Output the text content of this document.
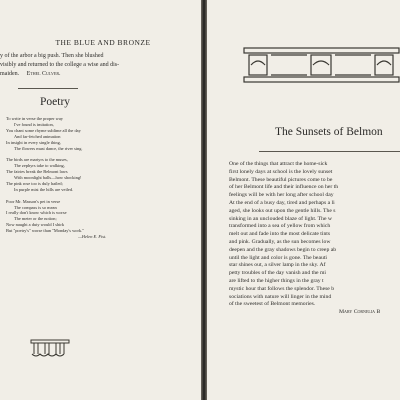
THE BLUE AND BRONZE

y of the arbor a big push. Then she blushed

visibly and returned to the college a wise and dis-

maiden. Ethel Culver.

Poetry
To write in verse the proper way
I've found is imitation,
You chant some rhyme sublime all the day
And far-fetched animation
In insight in every single thing,
The flowers must dance, the river sing.
The birds are martyrs to the muses,
The zephyrs take to walking,
The fairies break the Belmont laws
With moonlight balls—how shocking!
The pink rose too is duly hailed;
In purple mist the hills are veiled.
Poor Mr. Masson's pet in verse
The compass is so mean
I really don't know which is worse
The meter or the notion;
Now naught a duty would I shirk
But "poetry's" worse than "Monday's work."
—Helen E. Fist.
The Sunsets of Belmon

One of the things that attract the home-sick

first lonely days at school is the lovely sunset

Belmont. These beautiful pictures come to be

of her Belmont life and their influence on her th

feelings will be with her long after school day

At the end of a busy day, tired and perhaps a li

aged, she looks out upon the gentle hills. The s

sinking in an unclouded blaze of light. The w

transformed into a sea of yellow from which

melt out and fade into the most delicate tints

and pink. Gradually, as the sun becomes low

deepen and the gray shadows begin to creep ab

until the light and color is gone. The beauti

star shines out, a silver lamp in the sky. Af

petty troubles of the day vanish and the mi

are lifted to the higher things in the gray t

mystic hour that follows the splendor. These b

sociations with nature will linger in the mind

of the sweetest of Belmont memories.

Mary Cornelia B
